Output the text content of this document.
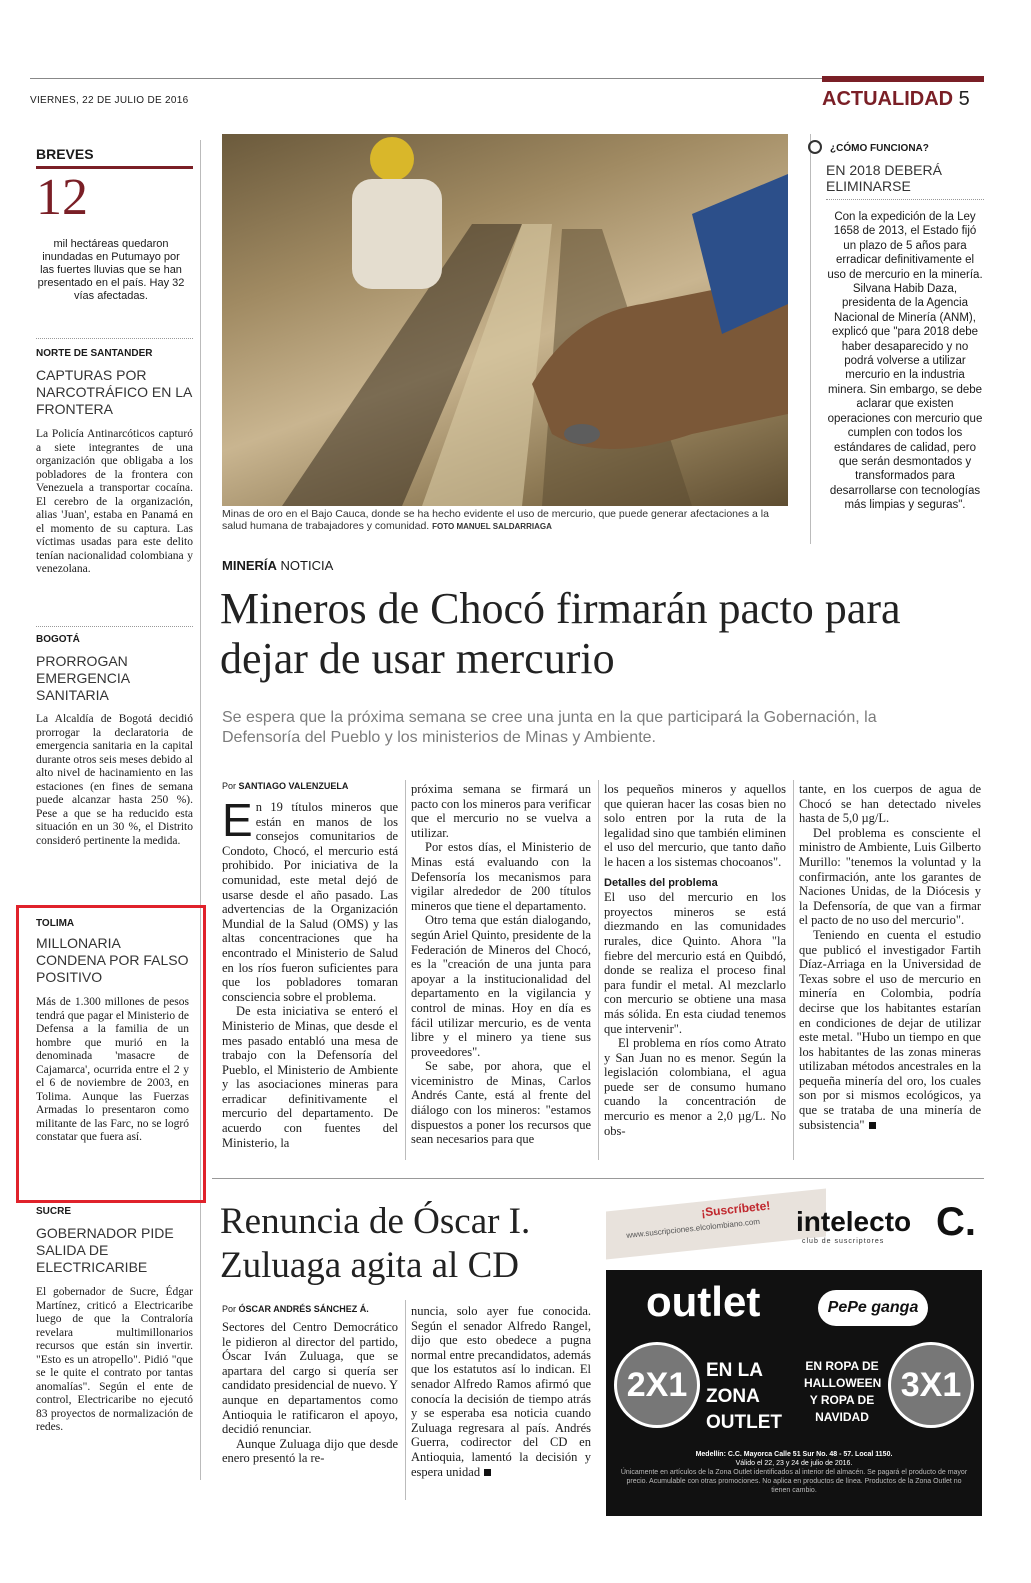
VIERNES, 22 DE JULIO DE 2016	ACTUALIDAD 5
BREVES
12
mil hectáreas quedaron inundadas en Putumayo por las fuertes lluvias que se han presentado en el país. Hay 32 vías afectadas.
NORTE DE SANTANDER
CAPTURAS POR NARCOTRÁFICO EN LA FRONTERA
La Policía Antinarcóticos capturó a siete integrantes de una organización que obligaba a los pobladores de la frontera con Venezuela a transportar cocaína. El cerebro de la organización, alias 'Juan', estaba en Panamá en el momento de su captura. Las víctimas usadas para este delito tenían nacionalidad colombiana y venezolana.
BOGOTÁ
PRORROGAN EMERGENCIA SANITARIA
La Alcaldía de Bogotá decidió prorrogar la declaratoria de emergencia sanitaria en la capital durante otros seis meses debido al alto nivel de hacinamiento en las estaciones (en fines de semana puede alcanzar hasta 250 %). Pese a que se ha reducido esta situación en un 30 %, el Distrito consideró pertinente la medida.
TOLIMA
MILLONARIA CONDENA POR FALSO POSITIVO
Más de 1.300 millones de pesos tendrá que pagar el Ministerio de Defensa a la familia de un hombre que murió en la denominada 'masacre de Cajamarca', ocurrida entre el 2 y el 6 de noviembre de 2003, en Tolima. Aunque las Fuerzas Armadas lo presentaron como militante de las Farc, no se logró constatar que fuera así.
SUCRE
GOBERNADOR PIDE SALIDA DE ELECTRICARIBE
El gobernador de Sucre, Édgar Martínez, criticó a Electricaribe luego de que la Contraloría revelara multimillonarios recursos que están sin invertir. "Esto es un atropello". Pidió "que se le quite el contrato por tantas anomalías". Según el ente de control, Electricaribe no ejecutó 83 proyectos de normalización de redes.
Minas de oro en el Bajo Cauca, donde se ha hecho evidente el uso de mercurio, que puede generar afectaciones a la salud humana de trabajadores y comunidad. FOTO MANUEL SALDARRIAGA
¿CÓMO FUNCIONA?
EN 2018 DEBERÁ ELIMINARSE
Con la expedición de la Ley 1658 de 2013, el Estado fijó un plazo de 5 años para erradicar definitivamente el uso de mercurio en la minería. Silvana Habib Daza, presidenta de la Agencia Nacional de Minería (ANM), explicó que "para 2018 debe haber desaparecido y no podrá volverse a utilizar mercurio en la industria minera. Sin embargo, se debe aclarar que existen operaciones con mercurio que cumplen con todos los estándares de calidad, pero que serán desmontados y transformados para desarrollarse con tecnologías más limpias y seguras".
MINERÍA NOTICIA
Mineros de Chocó firmarán pacto para dejar de usar mercurio
Se espera que la próxima semana se cree una junta en la que participará la Gobernación, la Defensoría del Pueblo y los ministerios de Minas y Ambiente.
Por SANTIAGO VALENZUELA

En 19 títulos mineros que están en manos de los consejos comunitarios de Condoto, Chocó, el mercurio está prohibido. Por iniciativa de la comunidad, este metal dejó de usarse desde el año pasado. Las advertencias de la Organización Mundial de la Salud (OMS) y las altas concentraciones que ha encontrado el Ministerio de Salud en los ríos fueron suficientes para que los pobladores tomaran consciencia sobre el problema.

De esta iniciativa se enteró el Ministerio de Minas, que desde el mes pasado entabló una mesa de trabajo con la Defensoría del Pueblo, el Ministerio de Ambiente y las asociaciones mineras para erradicar definitivamente el mercurio del departamento. De acuerdo con fuentes del Ministerio, la

próxima semana se firmará un pacto con los mineros para verificar que el mercurio no se vuelva a utilizar.

Por estos días, el Ministerio de Minas está evaluando con la Defensoría los mecanismos para vigilar alrededor de 200 títulos mineros que tiene el departamento.

Otro tema que están dialogando, según Ariel Quinto, presidente de la Federación de Mineros del Chocó, es la "creación de una junta para apoyar a la institucionalidad del departamento en la vigilancia y control de minas. Hoy en día es fácil utilizar mercurio, es de venta libre y el minero ya tiene sus proveedores".

Se sabe, por ahora, que el viceministro de Minas, Carlos Andrés Cante, está al frente del diálogo con los mineros: "estamos dispuestos a poner los recursos que sean necesarios para que

los pequeños mineros y aquellos que quieran hacer las cosas bien no solo entren por la ruta de la legalidad sino que también eliminen el uso del mercurio, que tanto daño le hacen a los sistemas chocoanos".

Detalles del problema

El uso del mercurio en los proyectos mineros se está diezmando en las comunidades rurales, dice Quinto. Ahora "la fiebre del mercurio está en Quibdó, donde se realiza el proceso final para fundir el metal. Al mezclarlo con mercurio se obtiene una masa más sólida. En esta ciudad tenemos que intervenir".

El problema en ríos como Atrato y San Juan no es menor. Según la legislación colombiana, el agua puede ser de consumo humano cuando la concentración de mercurio es menor a 2,0 µg/L. No obs-

tante, en los cuerpos de agua de Chocó se han detectado niveles hasta de 5,0 µg/L.

Del problema es consciente el ministro de Ambiente, Luis Gilberto Murillo: "tenemos la voluntad y la confirmación, ante los garantes de Naciones Unidas, de la Diócesis y la Defensoría, de que van a firmar el pacto de no uso del mercurio".

Teniendo en cuenta el estudio que publicó el investigador Fartih Díaz-Arriaga en la Universidad de Texas sobre el uso de mercurio en minería en Colombia, podría decirse que los habitantes estarían en condiciones de dejar de utilizar este metal. "Hubo un tiempo en que los habitantes de las zonas mineras utilizaban métodos ancestrales en la pequeña minería del oro, los cuales son por si mismos ecológicos, ya que se trataba de una minería de subsistencia"

Renuncia de Óscar I. Zuluaga agita al CD
Por ÓSCAR ANDRÉS SÁNCHEZ Á.

Sectores del Centro Democrático le pidieron al director del partido, Óscar Iván Zuluaga, que se apartara del cargo si quería ser candidato presidencial de nuevo. Y aunque en departamentos como Antioquia le ratificaron el apoyo, decidió renunciar.

Aunque Zuluaga dijo que desde enero presentó la re-

nuncia, solo ayer fue conocida. Según el senador Alfredo Rangel, dijo que esto obedece a pugna normal entre precandidatos, además que los estatutos así lo indican. El senador Alfredo Ramos afirmó que conocía la decisión de tiempo atrás y se esperaba esa noticia cuando Zuluaga regresara al país. Andrés Guerra, codirector del CD en Antioquia, lamentó la decisión y espera unidad

¡Suscríbete!
www.suscripciones.elcolombiano.com intelecto
club de suscriptores C.
outlet	PePe ganga
2X1 EN LA ZONA OUTLET
EN ROPA DE HALLOWEEN Y ROPA DE NAVIDAD
3X1
Medellín: C.C. Mayorca Calle 51 Sur No. 48 - 57. Local 1150.
Válido el 22, 23 y 24 de julio de 2016.
Únicamente en artículos de la Zona Outlet identificados al interior del almacén. Se pagará el producto de mayor precio. Acumulable con otras promociones. No aplica en productos de línea. Productos de la Zona Outlet no tienen cambio.
